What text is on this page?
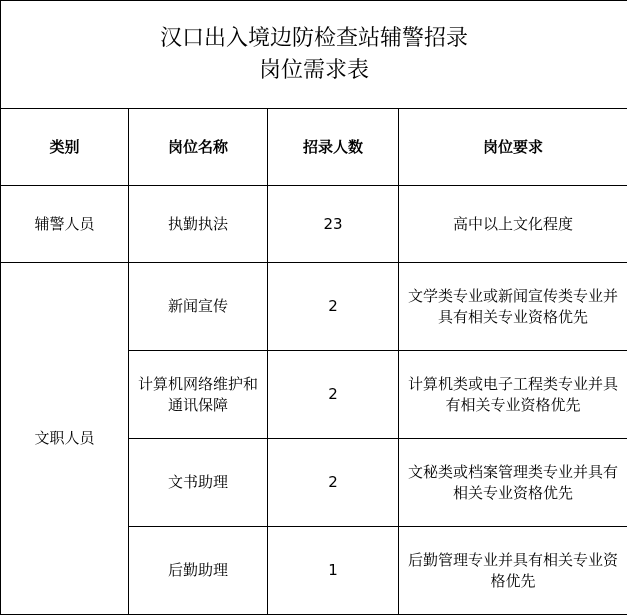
汉口出入境边防检查站辅警招录
岗位需求表			

类别	岗位名称	招录人数	岗位要求
辅警人员	执勤执法	23	高中以上文化程度
文职人员	新闻宣传	2	文学类专业或新闻宣传类专业并具有相关专业资格优先
	计算机网络维护和通讯保障	2	计算机类或电子工程类专业并具有相关专业资格优先
	文书助理	2	文秘类或档案管理类专业并具有相关专业资格优先
	后勤助理	1	后勤管理专业并具有相关专业资格优先
